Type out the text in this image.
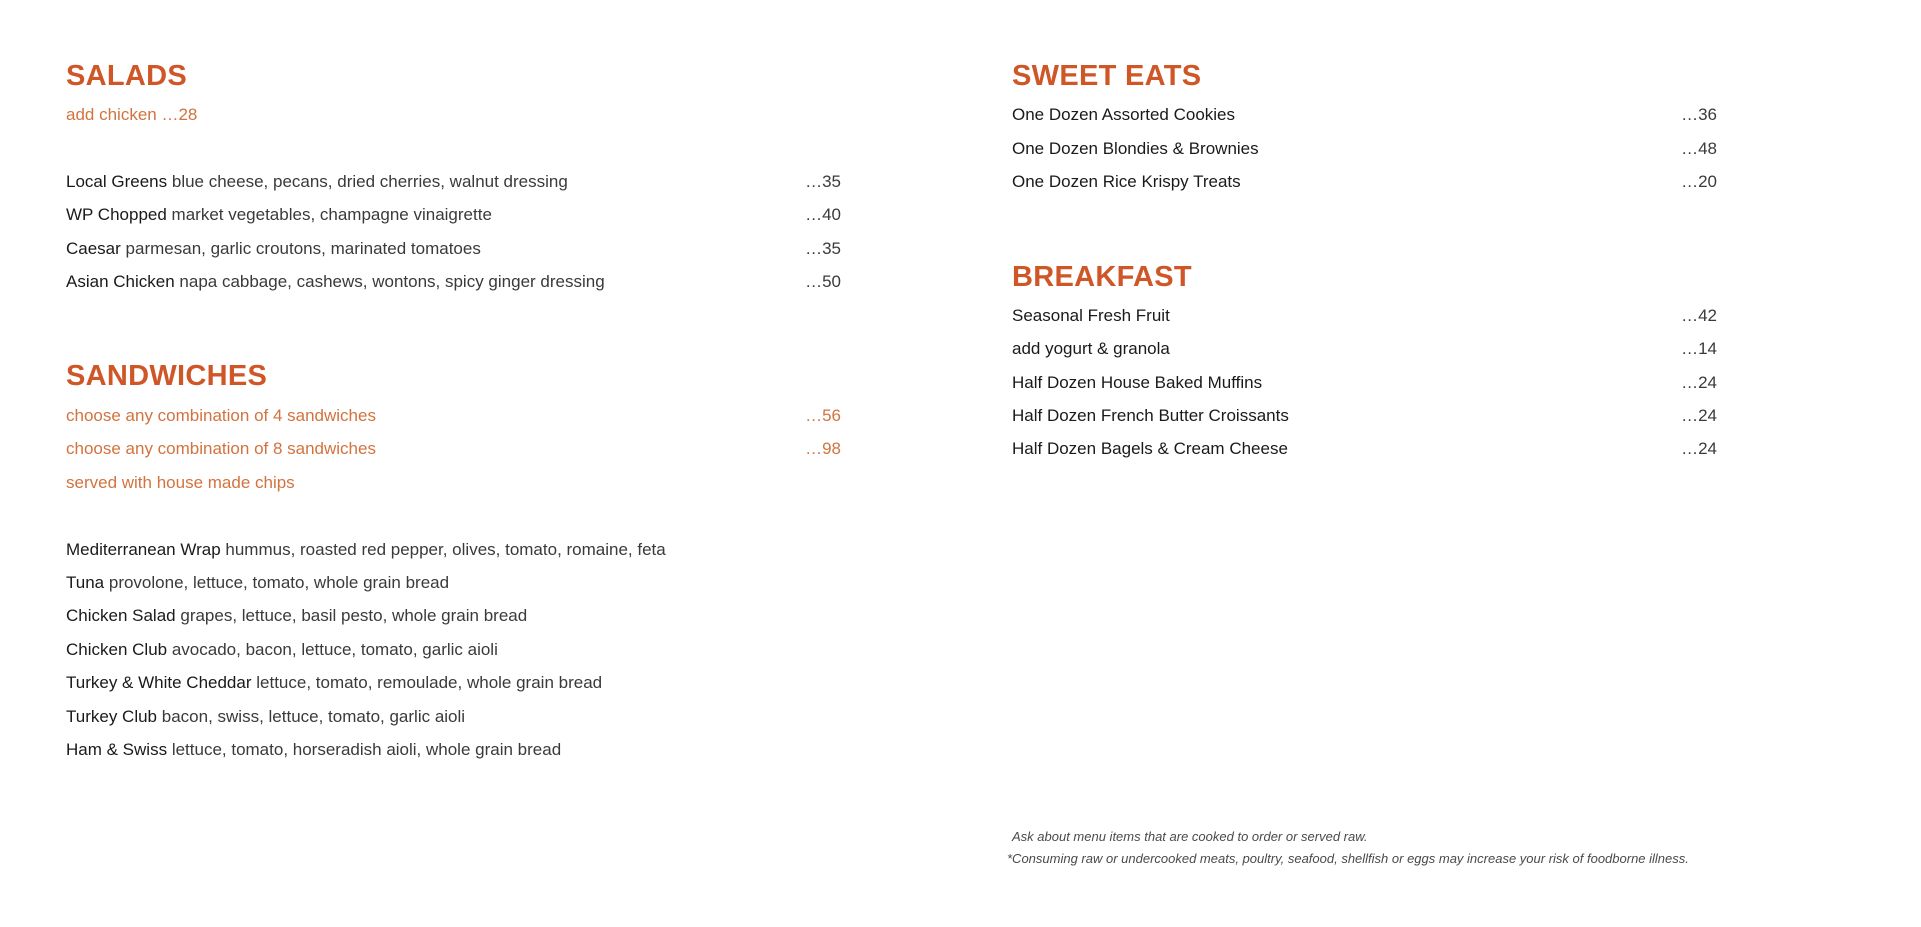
SALADS
add chicken …28
Local Greens blue cheese, pecans, dried cherries, walnut dressing	…35
WP Chopped market vegetables, champagne vinaigrette	…40
Caesar parmesan, garlic croutons, marinated tomatoes	…35
Asian Chicken napa cabbage, cashews, wontons, spicy ginger dressing	…50
SANDWICHES
choose any combination of 4 sandwiches	…56
choose any combination of 8 sandwiches	…98
served with house made chips
Mediterranean Wrap hummus, roasted red pepper, olives, tomato, romaine, feta
Tuna provolone, lettuce, tomato, whole grain bread
Chicken Salad grapes, lettuce, basil pesto, whole grain bread
Chicken Club avocado, bacon, lettuce, tomato, garlic aioli
Turkey & White Cheddar lettuce, tomato, remoulade, whole grain bread
Turkey Club bacon, swiss, lettuce, tomato, garlic aioli
Ham & Swiss lettuce, tomato, horseradish aioli, whole grain bread
SWEET EATS
One Dozen Assorted Cookies	…36
One Dozen Blondies & Brownies	…48
One Dozen Rice Krispy Treats	…20
BREAKFAST
Seasonal Fresh Fruit	…42
add yogurt & granola	…14
Half Dozen House Baked Muffins	…24
Half Dozen French Butter Croissants	…24
Half Dozen Bagels & Cream Cheese	…24
Ask about menu items that are cooked to order or served raw.
*Consuming raw or undercooked meats, poultry, seafood, shellfish or eggs may increase your risk of foodborne illness.
